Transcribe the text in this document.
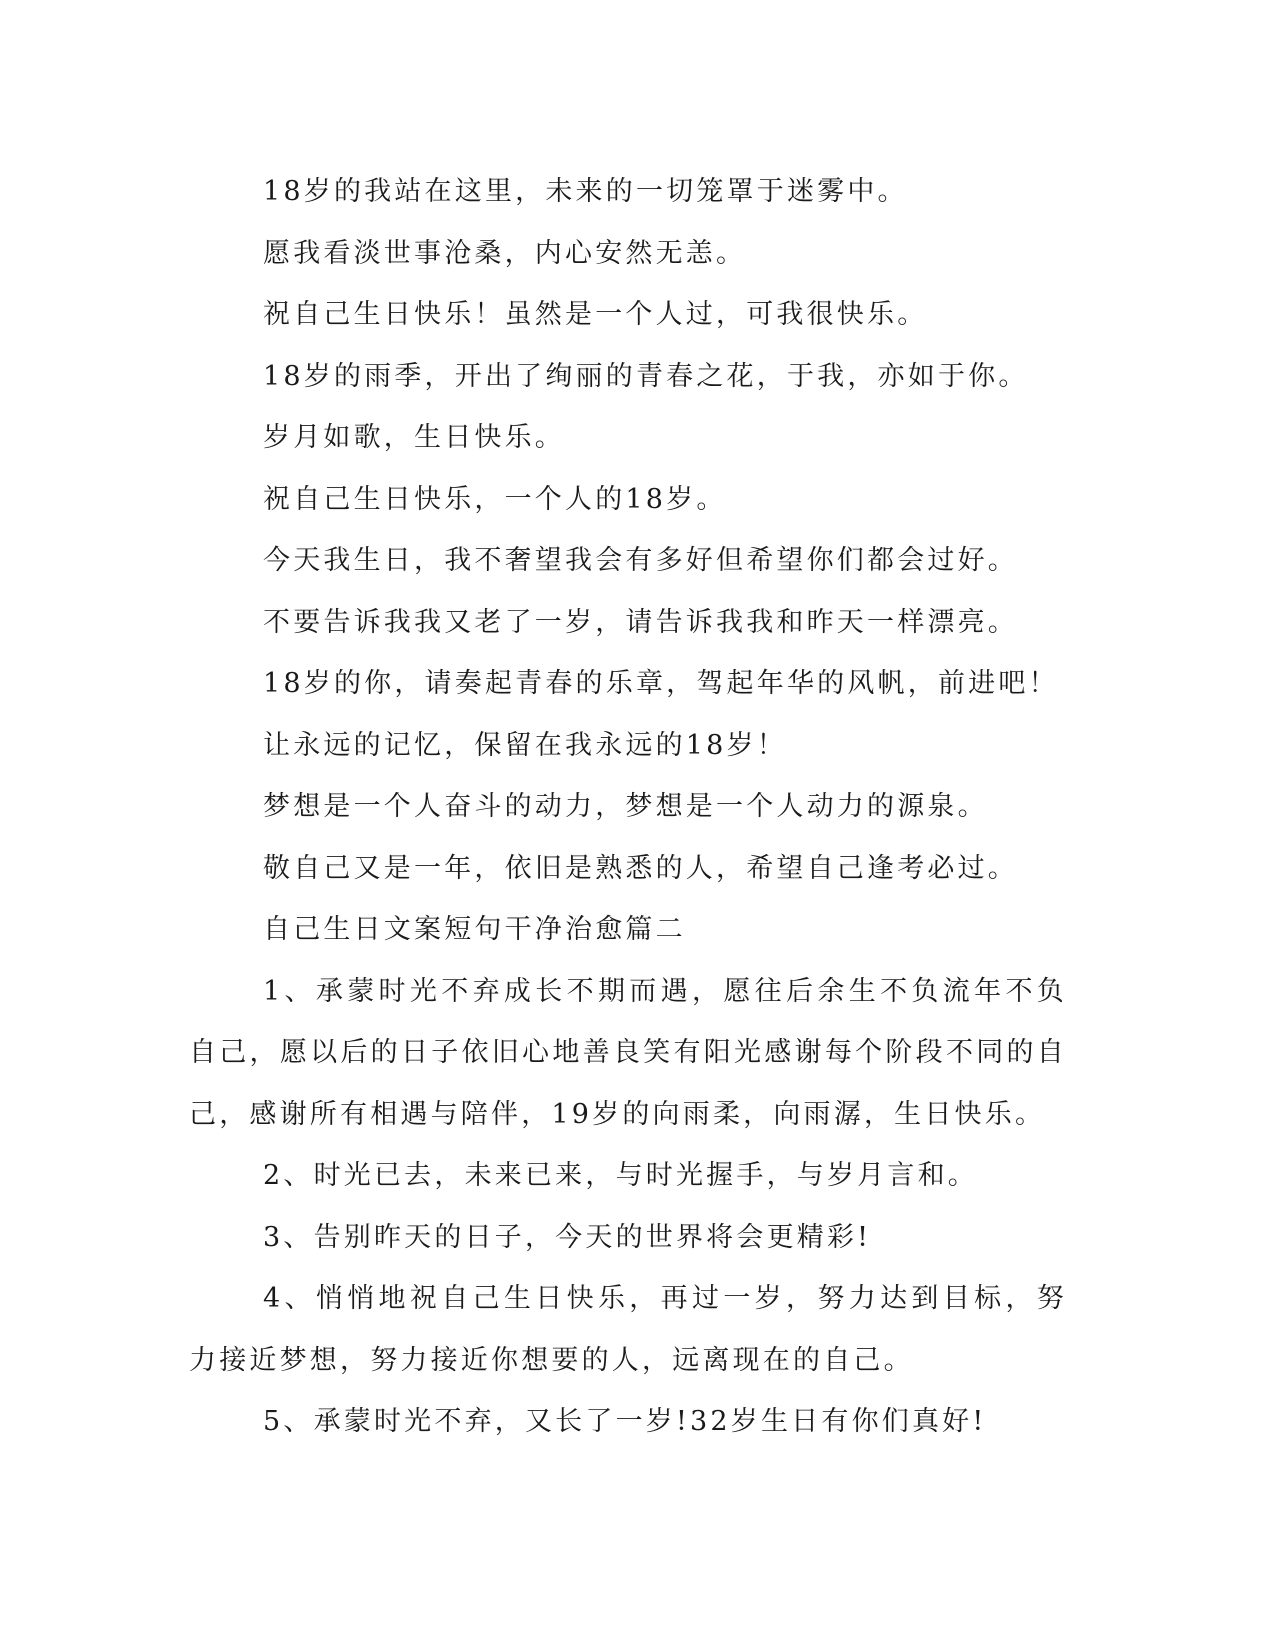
18岁的我站在这里，未来的一切笼罩于迷雾中。

愿我看淡世事沧桑，内心安然无恙。

祝自己生日快乐！虽然是一个人过，可我很快乐。

18岁的雨季，开出了绚丽的青春之花，于我，亦如于你。

岁月如歌，生日快乐。

祝自己生日快乐，一个人的18岁。

今天我生日，我不奢望我会有多好但希望你们都会过好。

不要告诉我我又老了一岁，请告诉我我和昨天一样漂亮。

18岁的你，请奏起青春的乐章，驾起年华的风帆，前进吧！

让永远的记忆，保留在我永远的18岁！

梦想是一个人奋斗的动力，梦想是一个人动力的源泉。

敬自己又是一年，依旧是熟悉的人，希望自己逢考必过。

自己生日文案短句干净治愈篇二

1、承蒙时光不弃成长不期而遇，愿往后余生不负流年不负自己，愿以后的日子依旧心地善良笑有阳光感谢每个阶段不同的自己，感谢所有相遇与陪伴，19岁的向雨柔，向雨潺，生日快乐。

2、时光已去，未来已来，与时光握手，与岁月言和。

3、告别昨天的日子，今天的世界将会更精彩!

4、悄悄地祝自己生日快乐，再过一岁，努力达到目标，努力接近梦想，努力接近你想要的人，远离现在的自己。

5、承蒙时光不弃，又长了一岁!32岁生日有你们真好!
